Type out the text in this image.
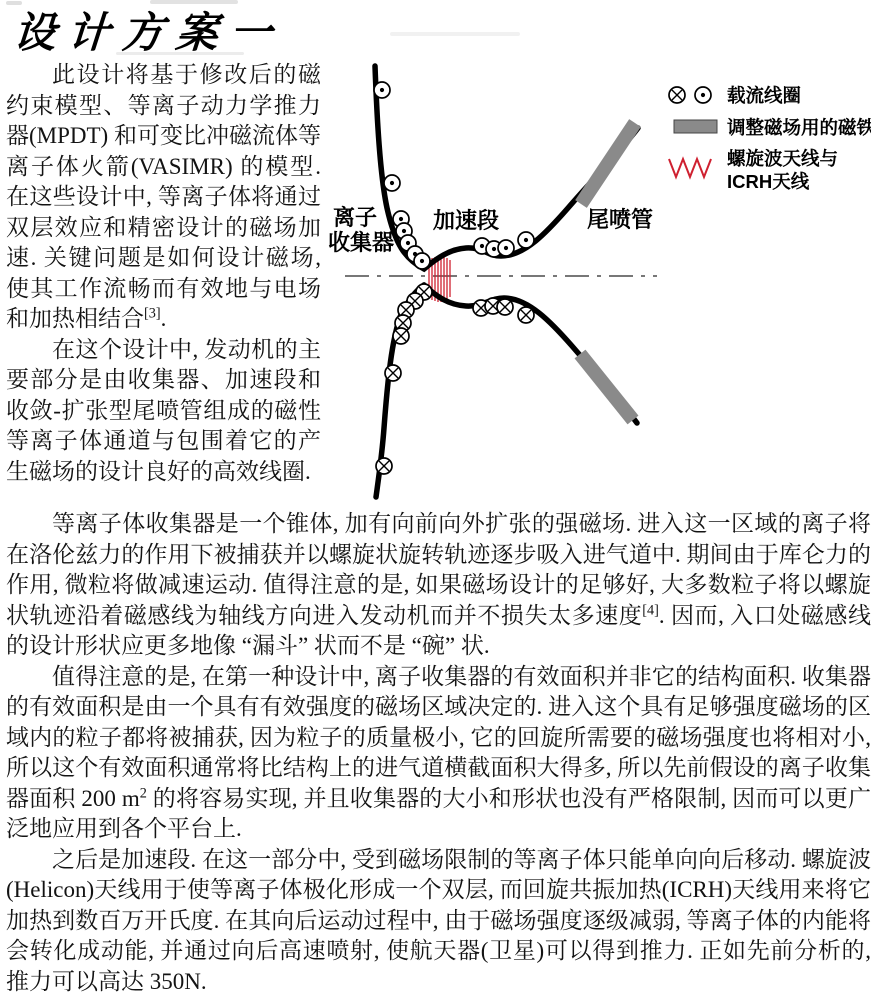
设计方案一
离子
收集器
加速段	尾喷管
载流线圈
调整磁场用的磁铁
螺旋波天线与
ICRH天线

此设计将基于修改后的磁约束模型、等离子动力学推力器(MPDT) 和可变比冲磁流体等离子体火箭(VASIMR) 的模型. 在这些设计中, 等离子体将通过双层效应和精密设计的磁场加速. 关键问题是如何设计磁场, 使其工作流畅而有效地与电场和加热相结合[3].

在这个设计中, 发动机的主要部分是由收集器、加速段和收敛-扩张型尾喷管组成的磁性等离子体通道与包围着它的产生磁场的设计良好的高效线圈.

等离子体收集器是一个锥体, 加有向前向外扩张的强磁场. 进入这一区域的离子将在洛伦兹力的作用下被捕获并以螺旋状旋转轨迹逐步吸入进气道中. 期间由于库仑力的作用, 微粒将做减速运动. 值得注意的是, 如果磁场设计的足够好, 大多数粒子将以螺旋状轨迹沿着磁感线为轴线方向进入发动机而并不损失太多速度[4]. 因而, 入口处磁感线的设计形状应更多地像 “漏斗” 状而不是 “碗” 状.

值得注意的是, 在第一种设计中, 离子收集器的有效面积并非它的结构面积. 收集器的有效面积是由一个具有有效强度的磁场区域决定的. 进入这个具有足够强度磁场的区域内的粒子都将被捕获, 因为粒子的质量极小, 它的回旋所需要的磁场强度也将相对小, 所以这个有效面积通常将比结构上的进气道横截面积大得多, 所以先前假设的离子收集器面积 200 $m^2$ 的将容易实现, 并且收集器的大小和形状也没有严格限制, 因而可以更广泛地应用到各个平台上.

之后是加速段. 在这一部分中, 受到磁场限制的等离子体只能单向向后移动. 螺旋波(Helicon)天线用于使等离子体极化形成一个双层, 而回旋共振加热(ICRH)天线用来将它加热到数百万开氏度. 在其向后运动过程中, 由于磁场强度逐级减弱, 等离子体的内能将会转化成动能, 并通过向后高速喷射, 使航天器(卫星)可以得到推力. 正如先前分析的, 推力可以高达 350N.
